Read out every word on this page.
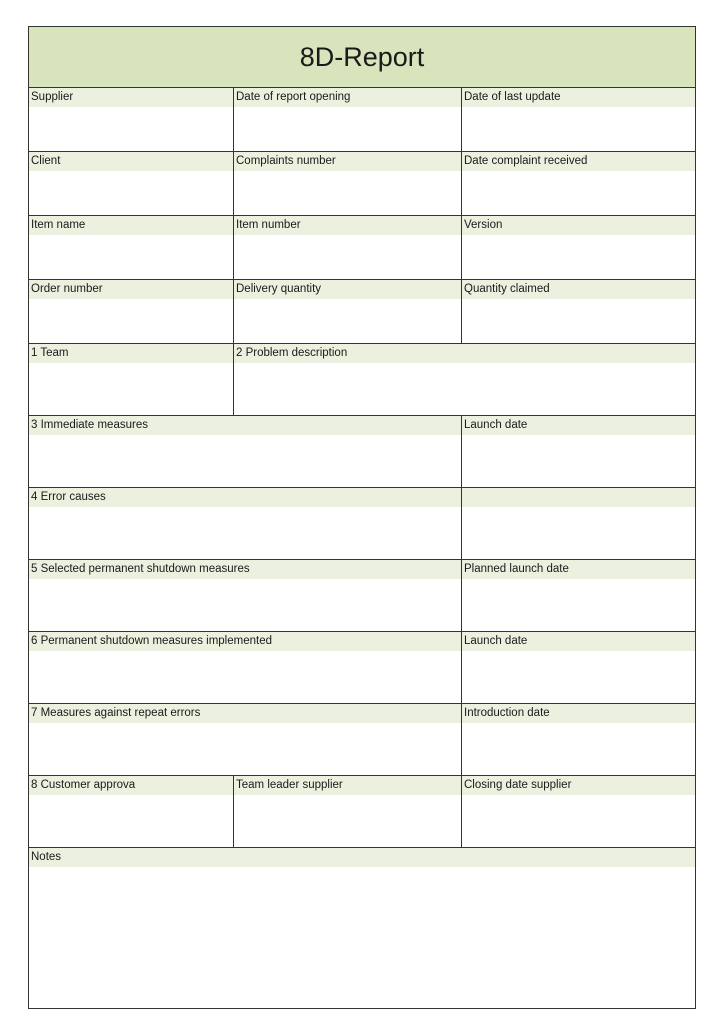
8D-Report
Supplier	Date of report opening	Date of last update
Client	Complaints number	Date complaint received
Item name	Item number	Version
Order number	Delivery quantity	Quantity claimed
1 Team	2 Problem description
3 Immediate measures	Launch date
4 Error causes
5 Selected permanent shutdown measures	Planned launch date
6 Permanent shutdown measures implemented	Launch date
7 Measures against repeat errors	Introduction date
8 Customer approva	Team leader supplier	Closing date supplier
Notes
